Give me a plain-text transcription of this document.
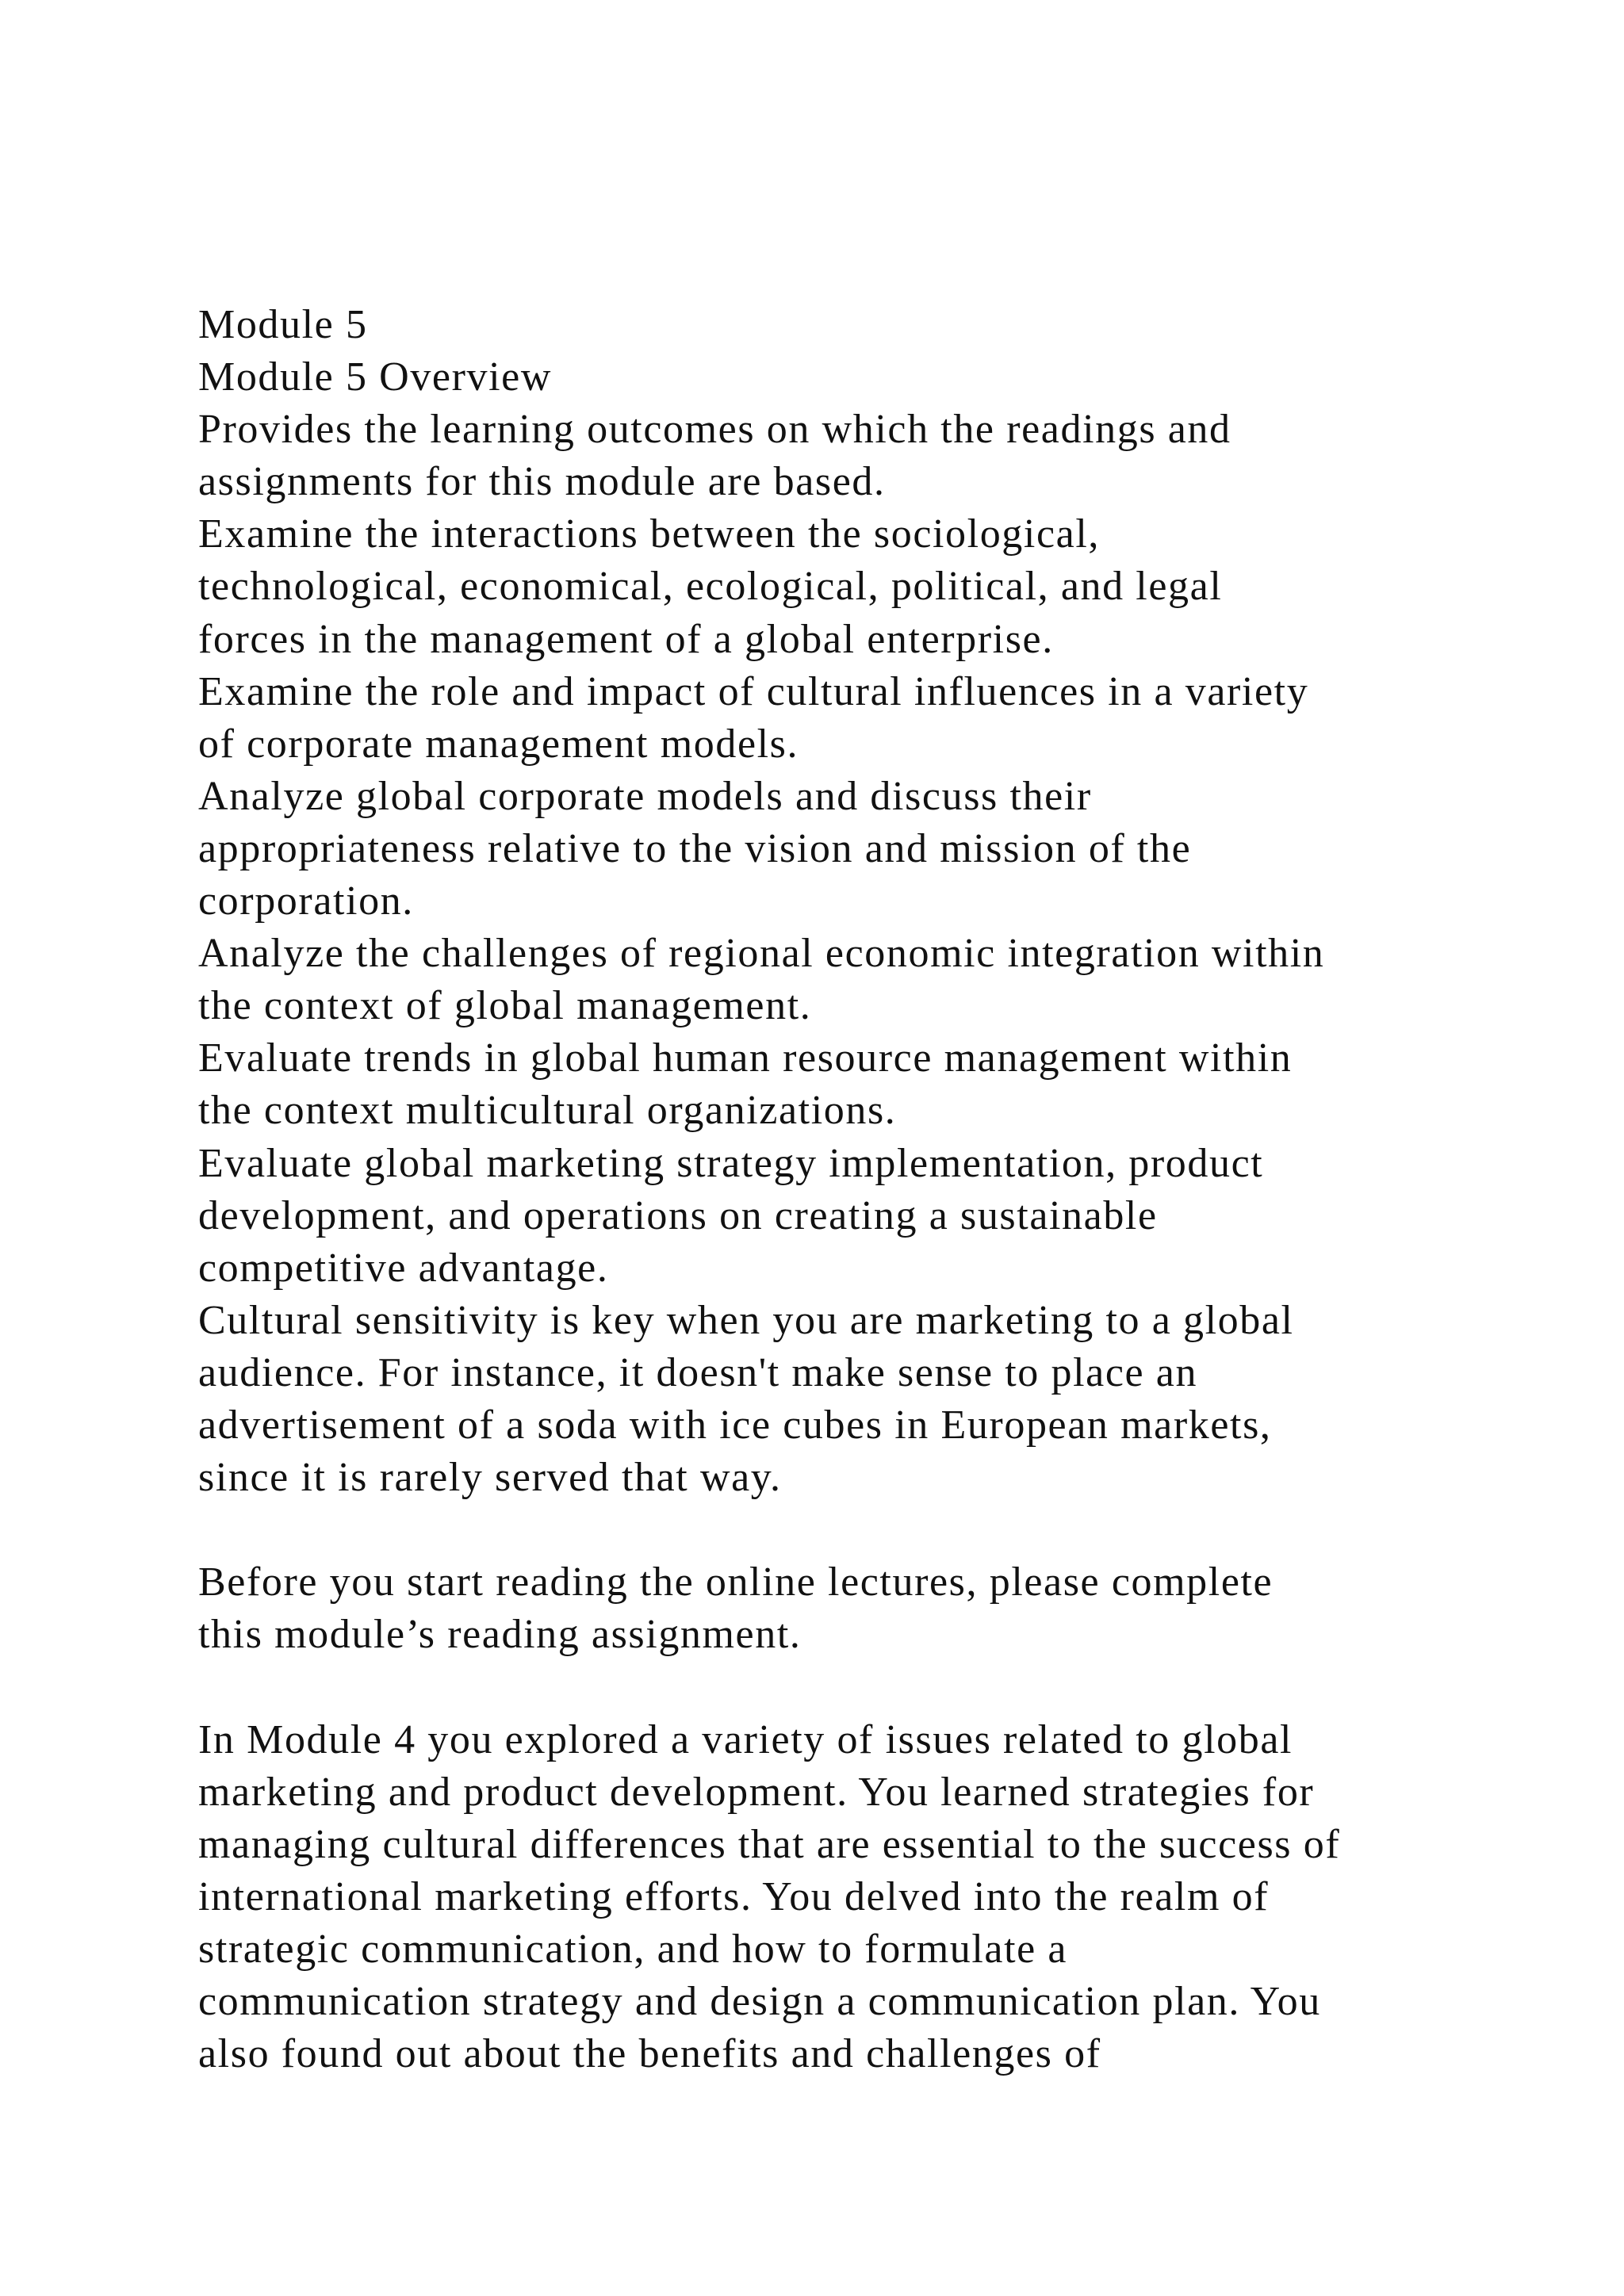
Module 5
Module 5 Overview
Provides the learning outcomes on which the readings and
assignments for this module are based.
Examine the interactions between the sociological,
technological, economical, ecological, political, and legal
forces in the management of a global enterprise.
Examine the role and impact of cultural influences in a variety
of corporate management models.
Analyze global corporate models and discuss their
appropriateness relative to the vision and mission of the
corporation.
Analyze the challenges of regional economic integration within
the context of global management.
Evaluate trends in global human resource management within
the context multicultural organizations.
Evaluate global marketing strategy implementation, product
development, and operations on creating a sustainable
competitive advantage.
Cultural sensitivity is key when you are marketing to a global
audience. For instance, it doesn't make sense to place an
advertisement of a soda with ice cubes in European markets,
since it is rarely served that way.
Before you start reading the online lectures, please complete
this module’s reading assignment.
In Module 4 you explored a variety of issues related to global
marketing and product development. You learned strategies for
managing cultural differences that are essential to the success of
international marketing efforts. You delved into the realm of
strategic communication, and how to formulate a
communication strategy and design a communication plan. You
also found out about the benefits and challenges of
